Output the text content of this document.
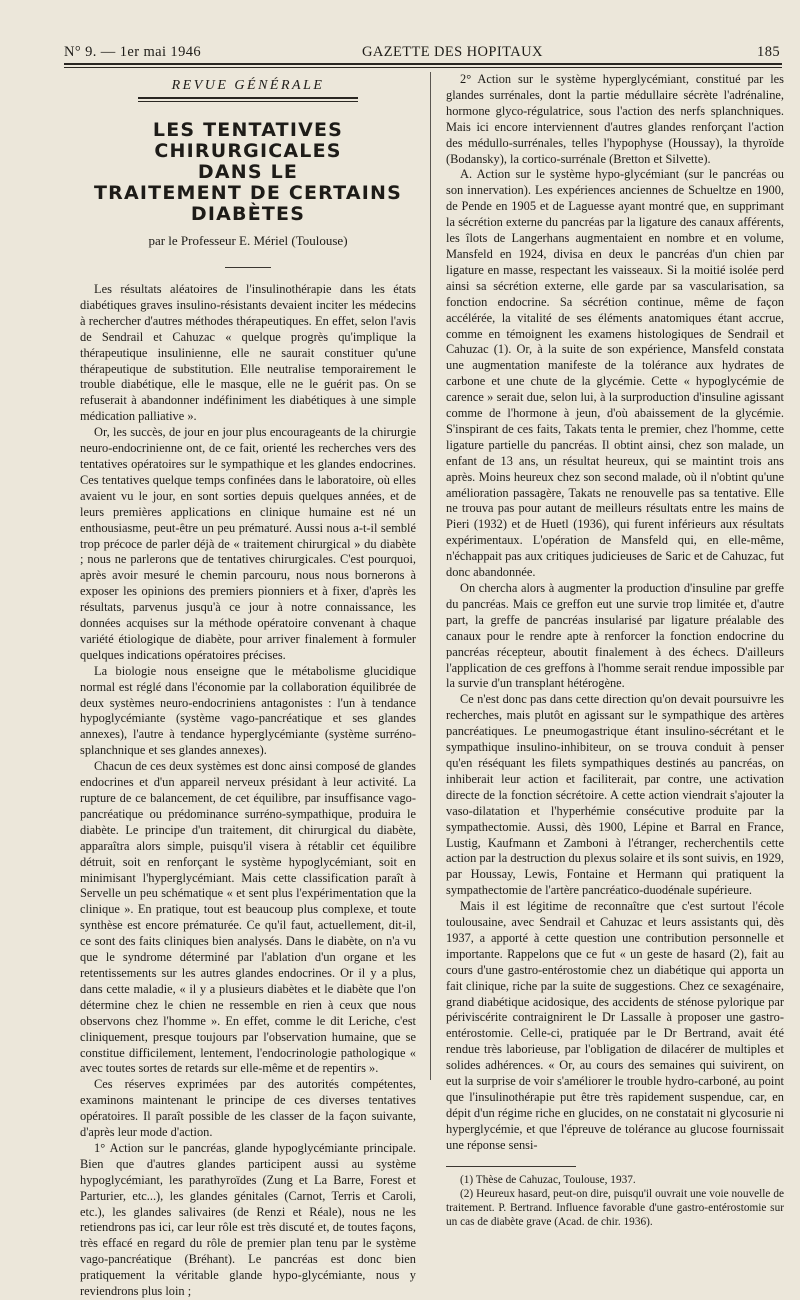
N° 9. — 1er mai 1946	GAZETTE DES HOPITAUX	185
REVUE GÉNÉRALE
LES TENTATIVES CHIRURGICALES
DANS LE
TRAITEMENT DE CERTAINS DIABÈTES
par le Professeur E. Mériel (Toulouse)

Les résultats aléatoires de l'insulinothérapie dans les états diabétiques graves insulino-résistants devaient inciter les médecins à rechercher d'autres méthodes thérapeutiques. En effet, selon l'avis de Sendrail et Cahuzac « quelque progrès qu'implique la thérapeutique insulinienne, elle ne saurait constituer qu'une thérapeutique de substitution. Elle neutralise temporairement le trouble diabétique, elle le masque, elle ne le guérit pas. On se refuserait à abandonner indéfiniment les diabétiques à une simple médication palliative ».

Or, les succès, de jour en jour plus encourageants de la chirurgie neuro-endocrinienne ont, de ce fait, orienté les recherches vers des tentatives opératoires sur le sympathique et les glandes endocrines. Ces tentatives quelque temps confinées dans le laboratoire, où elles avaient vu le jour, en sont sorties depuis quelques années, et de leurs premières applications en clinique humaine est né un enthousiasme, peut-être un peu prématuré. Aussi nous a-t-il semblé trop précoce de parler déjà de « traitement chirurgical » du diabète ; nous ne parlerons que de tentatives chirurgicales. C'est pourquoi, après avoir mesuré le chemin parcouru, nous nous bornerons à exposer les opinions des premiers pionniers et à fixer, d'après les résultats, parvenus jusqu'à ce jour à notre connaissance, les données acquises sur la méthode opératoire convenant à chaque variété étiologique de diabète, pour arriver finalement à formuler quelques indications opératoires précises.

La biologie nous enseigne que le métabolisme glucidique normal est réglé dans l'économie par la collaboration équilibrée de deux systèmes neuro-endocriniens antagonistes : l'un à tendance hypoglycémiante (système vago-pancréatique et ses glandes annexes), l'autre à tendance hyperglycémiante (système surréno-splanchnique et ses glandes annexes).

Chacun de ces deux systèmes est donc ainsi composé de glandes endocrines et d'un appareil nerveux présidant à leur activité. La rupture de ce balancement, de cet équilibre, par insuffisance vago-pancréatique ou prédominance surréno-sympathique, produira le diabète. Le principe d'un traitement, dit chirurgical du diabète, apparaîtra alors simple, puisqu'il visera à rétablir cet équilibre détruit, soit en renforçant le système hypoglycémiant, soit en minimisant l'hyperglycémiant. Mais cette classification paraît à Servelle un peu schématique « et sent plus l'expérimentation que la clinique ». En pratique, tout est beaucoup plus complexe, et toute synthèse est encore prématurée. Ce qu'il faut, actuellement, dit-il, ce sont des faits cliniques bien analysés. Dans le diabète, on n'a vu que le syndrome déterminé par l'ablation d'un organe et les retentissements sur les autres glandes endocrines. Or il y a plus, dans cette maladie, « il y a plusieurs diabètes et le diabète que l'on détermine chez le chien ne ressemble en rien à ceux que nous observons chez l'homme ». En effet, comme le dit Leriche, c'est cliniquement, presque toujours par l'observation humaine, que se constitue difficilement, lentement, l'endocrinologie pathologique « avec toutes sortes de retards sur elle-même et de repentirs ».

Ces réserves exprimées par des autorités compétentes, examinons maintenant le principe de ces diverses tentatives opératoires. Il paraît possible de les classer de la façon suivante, d'après leur mode d'action.

1° Action sur le pancréas, glande hypoglycémiante principale. Bien que d'autres glandes participent aussi au système hypoglycémiant, les parathyroïdes (Zung et La Barre, Forest et Parturier, etc...), les glandes génitales (Carnot, Terris et Caroli, etc.), les glandes salivaires (de Renzi et Réale), nous ne les retiendrons pas ici, car leur rôle est très discuté et, de toutes façons, très effacé en regard du rôle de premier plan tenu par le système vago-pancréatique (Bréhant). Le pancréas est donc bien pratiquement la véritable glande hypo-glycémiante, nous y reviendrons plus loin ;

2° Action sur le système hyperglycémiant, constitué par les glandes surrénales, dont la partie médullaire sécrète l'adrénaline, hormone glyco-régulatrice, sous l'action des nerfs splanchniques. Mais ici encore interviennent d'autres glandes renforçant l'action des médullo-surrénales, telles l'hypophyse (Houssay), la thyroïde (Bodansky), la cortico-surrénale (Bretton et Silvette).

A. Action sur le système hypo-glycémiant (sur le pancréas ou son innervation). Les expériences anciennes de Schueltze en 1900, de Pende en 1905 et de Laguesse ayant montré que, en supprimant la sécrétion externe du pancréas par la ligature des canaux afférents, les îlots de Langerhans augmentaient en nombre et en volume, Mansfeld en 1924, divisa en deux le pancréas d'un chien par ligature en masse, respectant les vaisseaux. Si la moitié isolée perd ainsi sa sécrétion externe, elle garde par sa vascularisation, sa fonction endocrine. Sa sécrétion continue, même de façon accélérée, la vitalité de ses éléments anatomiques étant accrue, comme en témoignent les examens histologiques de Sendrail et Cahuzac (1). Or, à la suite de son expérience, Mansfeld constata une augmentation manifeste de la tolérance aux hydrates de carbone et une chute de la glycémie. Cette « hypoglycémie de carence » serait due, selon lui, à la surproduction d'insuline agissant comme de l'hormone à jeun, d'où abaissement de la glycémie. S'inspirant de ces faits, Takats tenta le premier, chez l'homme, cette ligature partielle du pancréas. Il obtint ainsi, chez son malade, un enfant de 13 ans, un résultat heureux, qui se maintint trois ans après. Moins heureux chez son second malade, où il n'obtint qu'une amélioration passagère, Takats ne renouvelle pas sa tentative. Elle ne trouva pas pour autant de meilleurs résultats entre les mains de Pieri (1932) et de Huetl (1936), qui furent inférieurs aux résultats expérimentaux. L'opération de Mansfeld qui, en elle-même, n'échappait pas aux critiques judicieuses de Saric et de Cahuzac, fut donc abandonnée.

On chercha alors à augmenter la production d'insuline par greffe du pancréas. Mais ce greffon eut une survie trop limitée et, d'autre part, la greffe de pancréas insularisé par ligature préalable des canaux pour le rendre apte à renforcer la fonction endocrine du pancréas récepteur, aboutit finalement à des échecs. D'ailleurs l'application de ces greffons à l'homme serait rendue impossible par la survie d'un transplant hétérogène.

Ce n'est donc pas dans cette direction qu'on devait poursuivre les recherches, mais plutôt en agissant sur le sympathique des artères pancréatiques. Le pneumogastrique étant insulino-sécrétant et le sympathique insulino-inhibiteur, on se trouva conduit à penser qu'en réséquant les filets sympathiques destinés au pancréas, on inhiberait leur action et faciliterait, par contre, une activation directe de la fonction sécrétoire. A cette action viendrait s'ajouter la vaso-dilatation et l'hyperhémie consécutive produite par la sympathectomie. Aussi, dès 1900, Lépine et Barral en France, Lustig, Kaufmann et Zamboni à l'étranger, recherchentils cette action par la destruction du plexus solaire et ils sont suivis, en 1929, par Houssay, Lewis, Fontaine et Hermann qui pratiquent la sympathectomie de l'artère pancréatico-duodénale supérieure.

Mais il est légitime de reconnaître que c'est surtout l'école toulousaine, avec Sendrail et Cahuzac et leurs assistants qui, dès 1937, a apporté à cette question une contribution personnelle et importante. Rappelons que ce fut « un geste de hasard (2), fait au cours d'une gastro-entérostomie chez un diabétique qui apporta un fait clinique, riche par la suite de suggestions. Chez ce sexagénaire, grand diabétique acidosique, des accidents de sténose pylorique par périviscérite contraignirent le Dr Lassalle à proposer une gastro-entérostomie. Celle-ci, pratiquée par le Dr Bertrand, avait été rendue très laborieuse, par l'obligation de dilacérer de multiples et solides adhérences. « Or, au cours des semaines qui suivirent, on eut la surprise de voir s'améliorer le trouble hydro-carboné, au point que l'insulinothérapie put être très rapidement suspendue, car, en dépit d'un régime riche en glucides, on ne constatait ni glycosurie ni hyperglycémie, et que l'épreuve de tolérance au glucose fournissait une réponse sensi-

(1) Thèse de Cahuzac, Toulouse, 1937.

(2) Heureux hasard, peut-on dire, puisqu'il ouvrait une voie nouvelle de traitement. P. Bertrand. Influence favorable d'une gastro-entérostomie sur un cas de diabète grave (Acad. de chir. 1936).
